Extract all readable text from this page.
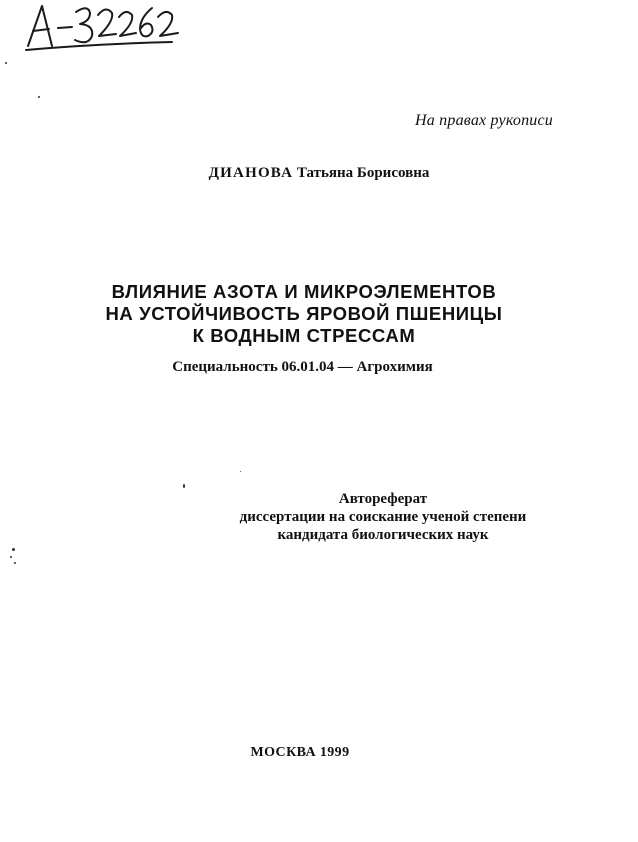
На правах рукописи
ДИАНОВА Татьяна Борисовна
ВЛИЯНИЕ АЗОТА И МИКРОЭЛЕМЕНТОВ
НА УСТОЙЧИВОСТЬ ЯРОВОЙ ПШЕНИЦЫ
К ВОДНЫМ СТРЕССАМ
Специальность 06.01.04 — Агрохимия
Автореферат
диссертации на соискание ученой степени
кандидата биологических наук
МОСКВА 1999
